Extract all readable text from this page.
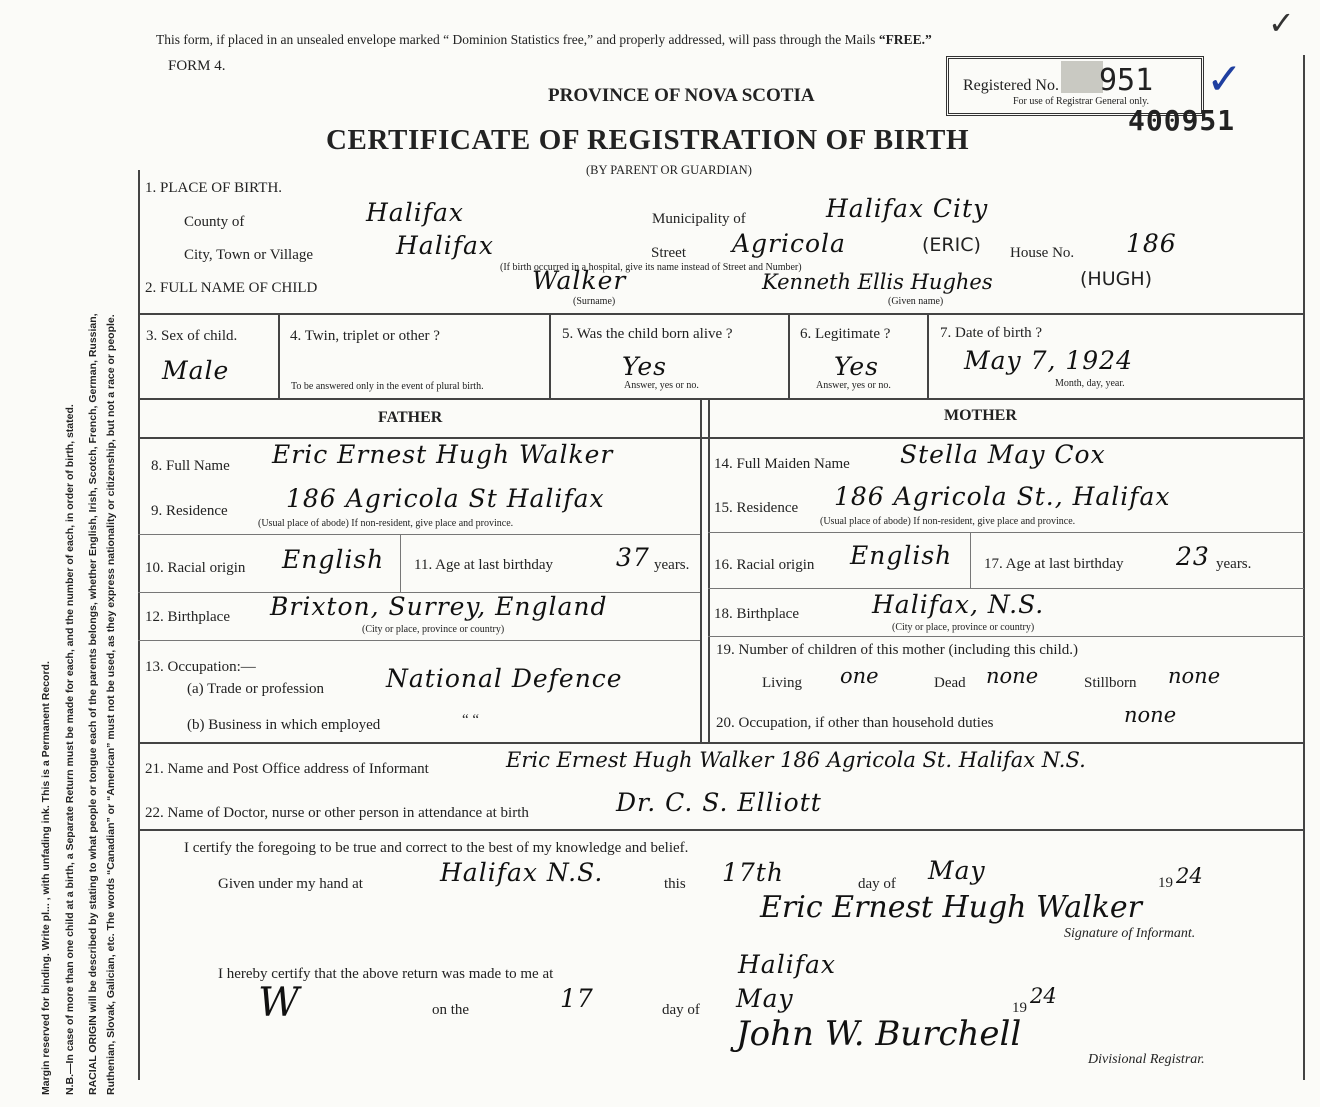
Margin reserved for binding. Write pl... , with unfading ink. This is a Permanent Record. N.B.—In case of more than one child at a birth, a Separate Return must be made for each, and the number of each, in order of birth, stated. RACIAL ORIGIN will be described by stating to what people or tongue each of the parents belongs, whether English, Irish, Scotch, French, German, Russian, Ruthenian, Slovak, Galician, etc. The words “Canadian” or “American” must not be used, as they express nationality or citizenship, but not a race or people.
This form, if placed in an unsealed envelope marked “ Dominion Statistics free,” and properly addressed, will pass through the Mails “FREE.”
FORM 4.
PROVINCE OF NOVA SCOTIA
CERTIFICATE OF REGISTRATION OF BIRTH
(BY PARENT OR GUARDIAN)
Registered No. 951
For use of Registrar General only. ✓
✓
400951
1. PLACE OF BIRTH.
County of	Halifax	Municipality of	Halifax City
City, Town or Village	Halifax	Street Agricola	(ERIC) House No. 186
(If birth occurred in a hospital, give its name instead of Street and Number)
2. FULL NAME OF CHILD	Walker
(Surname)
Kenneth Ellis Hughes	(HUGH)
(Given name)
3. Sex of child.
Male
4. Twin, triplet or other ?
To be answered only in the event of plural birth.
5. Was the child born alive ?
Yes
Answer, yes or no.
6. Legitimate ?
Yes
Answer, yes or no.
7. Date of birth ?
May 7, 1924
Month, day, year.
FATHER	MOTHER
8. Full Name Eric Ernest Hugh Walker
9. Residence 186 Agricola St Halifax
(Usual place of abode) If non-resident, give place and province.
10. Racial origin English 11. Age at last birthday	37 years.
12. Birthplace Brixton, Surrey, England
(City or place, province or country)
13. Occupation:—
(a) Trade or profession National Defence
(b) Business in which employed	“ “
14. Full Maiden Name Stella May Cox
15. Residence 186 Agricola St., Halifax
(Usual place of abode) If non-resident, give place and province.
16. Racial origin English 17. Age at last birthday 23 years.
18. Birthplace	Halifax, N.S.
(City or place, province or country)
19. Number of children of this mother (including this child.)
Living one	Dead none	Stillborn none
20. Occupation, if other than household duties	none
21. Name and Post Office address of Informant	Eric Ernest Hugh Walker 186 Agricola St. Halifax N.S.
22. Name of Doctor, nurse or other person in attendance at birth	Dr. C. S. Elliott
I certify the foregoing to be true and correct to the best of my knowledge and belief.
Given under my hand at	Halifax N.S.	this 17th	day of May	19 24
Eric Ernest Hugh Walker
Signature of Informant.
I hereby certify that the above return was made to me at	Halifax
W	on the	17	day of May	19 24
John W. Burchell
Divisional Registrar.
